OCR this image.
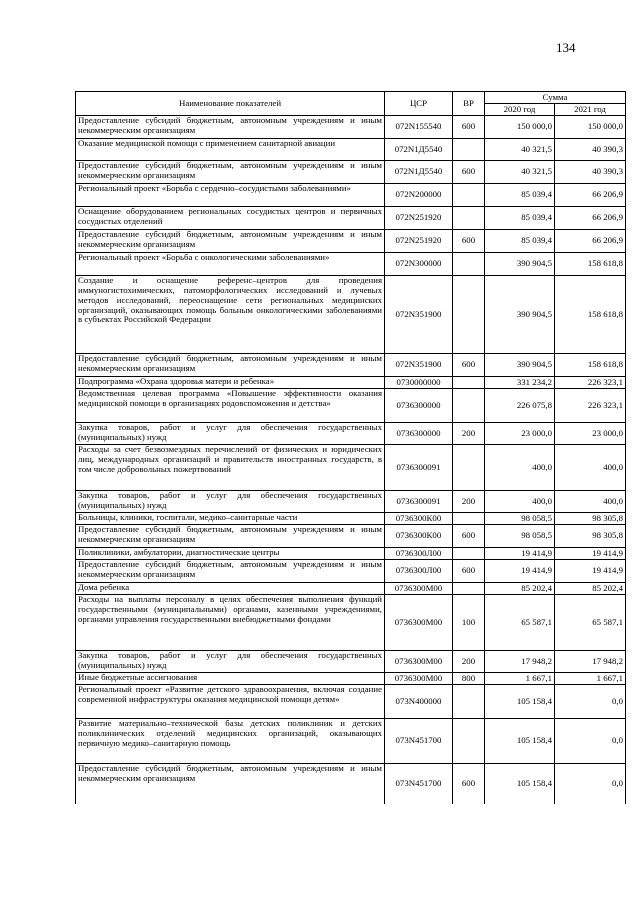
134
Наименование показателей	ЦСР	ВР	Сумма	
			2020 год	2021 год
Предоставление субсидий бюджетным, автономным учреждениям и иным некоммерческим организациям	072N155540	600	150 000,0	150 000,0
Оказание медицинской помощи с применением санитарной авиации	072N1Д5540		40 321,5	40 390,3
Предоставление субсидий бюджетным, автономным учреждениям и иным некоммерческим организациям	072N1Д5540	600	40 321,5	40 390,3
Региональный проект «Борьба с сердечно–сосудистыми заболеваниями»	072N200000		85 039,4	66 206,9
Оснащение оборудованием региональных сосудистых центров и первичных сосудистых отделений	072N251920		85 039,4	66 206,9
Предоставление субсидий бюджетным, автономным учреждениям и иным некоммерческим организациям	072N251920	600	85 039,4	66 206,9
Региональный проект «Борьба с онкологическими заболеваниями»	072N300000		390 904,5	158 618,8
Создание и оснащение референс–центров для проведения иммуногистохимических, патоморфологических исследований и лучевых методов исследований, переоснащение сети региональных медицинских организаций, оказывающих помощь больным онкологическими заболеваниями в субъектах Российской Федерации	072N351900		390 904,5	158 618,8
Предоставление субсидий бюджетным, автономным учреждениям и иным некоммерческим организациям	072N351900	600	390 904,5	158 618,8
Подпрограмма «Охрана здоровья матери и ребенка»	0730000000		331 234,2	226 323,1
Ведомственная целевая программа «Повышение эффективности оказания медицинской помощи в организациях родовспоможения и детства»	0736300000		226 075,8	226 323,1
Закупка товаров, работ и услуг для обеспечения государственных (муниципальных) нужд	0736300000	200	23 000,0	23 000,0
Расходы за счет безвозмездных перечислений от физических и юридических лиц, международных организаций и правительств иностранных государств, в том числе добровольных пожертвований	0736300091		400,0	400,0
Закупка товаров, работ и услуг для обеспечения государственных (муниципальных) нужд	0736300091	200	400,0	400,0
Больницы, клиники, госпитали, медико–санитарные части	0736300К00		98 058,5	98 305,8
Предоставление субсидий бюджетным, автономным учреждениям и иным некоммерческим организациям	0736300К00	600	98 058,5	98 305,8
Поликлиники, амбулатории, диагностические центры	0736300Л00		19 414,9	19 414,9
Предоставление субсидий бюджетным, автономным учреждениям и иным некоммерческим организациям	0736300Л00	600	19 414,9	19 414,9
Дома ребенка	0736300М00		85 202,4	85 202,4
Расходы на выплаты персоналу в целях обеспечения выполнения функций государственными (муниципальными) органами, казенными учреждениями, органами управления государственными внебюджетными фондами	0736300М00	100	65 587,1	65 587,1
Закупка товаров, работ и услуг для обеспечения государственных (муниципальных) нужд	0736300М00	200	17 948,2	17 948,2
Иные бюджетные ассигнования	0736300М00	800	1 667,1	1 667,1
Региональный проект «Развитие детского здравоохранения, включая создание современной инфраструктуры оказания медицинской помощи детям»	073N400000		105 158,4	0,0
Развитие материально–технической базы детских поликлиник и детских поликлинических отделений медицинских организаций, оказывающих первичную медико–санитарную помощь	073N451700		105 158,4	0,0
Предоставление субсидий бюджетным, автономным учреждениям и иным некоммерческим организациям	073N451700	600	105 158,4	0,0
